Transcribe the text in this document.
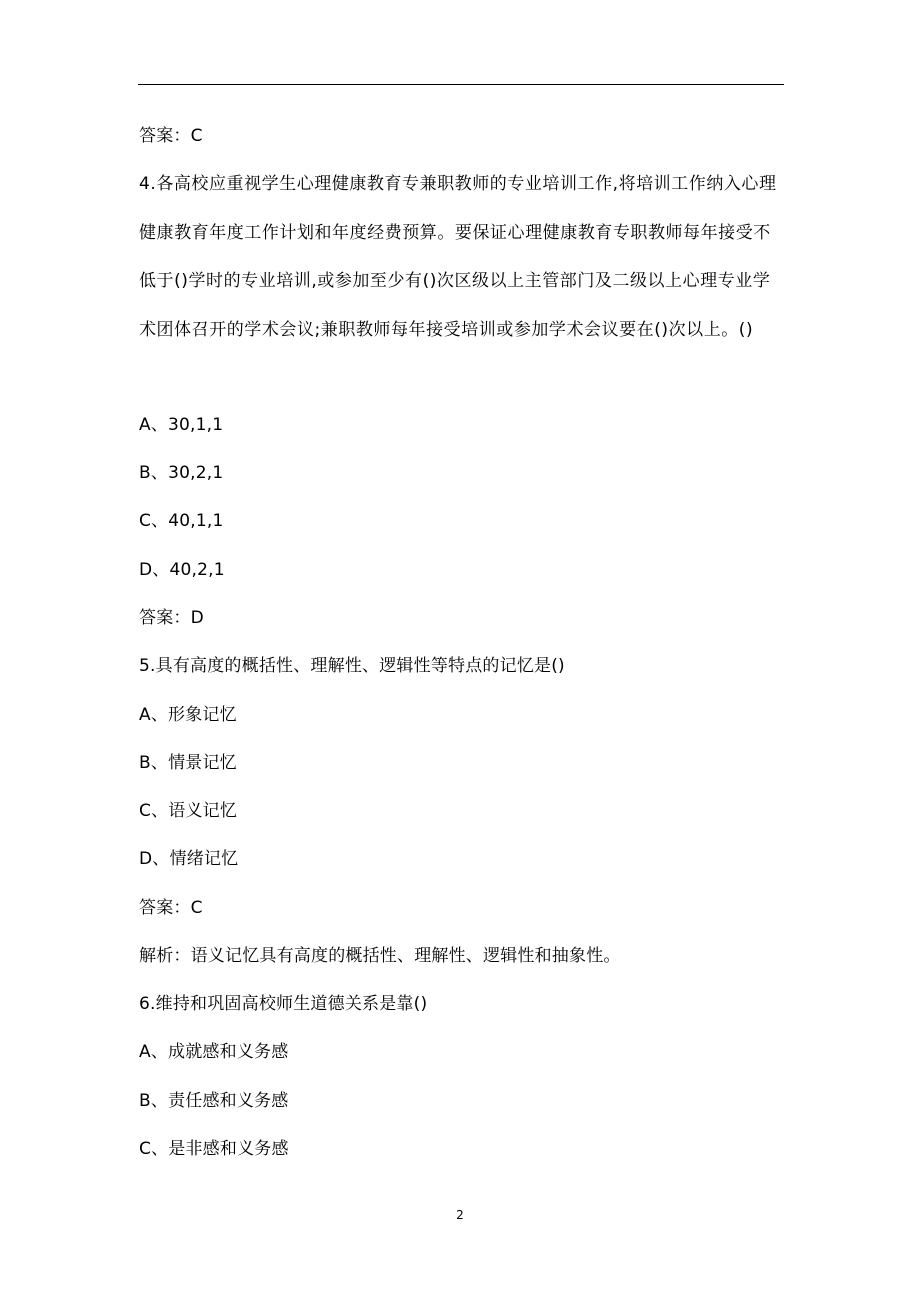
答案：C
4.各高校应重视学生心理健康教育专兼职教师的专业培训工作,将培训工作纳入心理健康教育年度工作计划和年度经费预算。要保证心理健康教育专职教师每年接受不低于()学时的专业培训,或参加至少有()次区级以上主管部门及二级以上心理专业学术团体召开的学术会议;兼职教师每年接受培训或参加学术会议要在()次以上。()
A、30,1,1
B、30,2,1
C、40,1,1
D、40,2,1
答案：D
5.具有高度的概括性、理解性、逻辑性等特点的记忆是()
A、形象记忆
B、情景记忆
C、语义记忆
D、情绪记忆
答案：C
解析：语义记忆具有高度的概括性、理解性、逻辑性和抽象性。
6.维持和巩固高校师生道德关系是靠()
A、成就感和义务感
B、责任感和义务感
C、是非感和义务感
2
